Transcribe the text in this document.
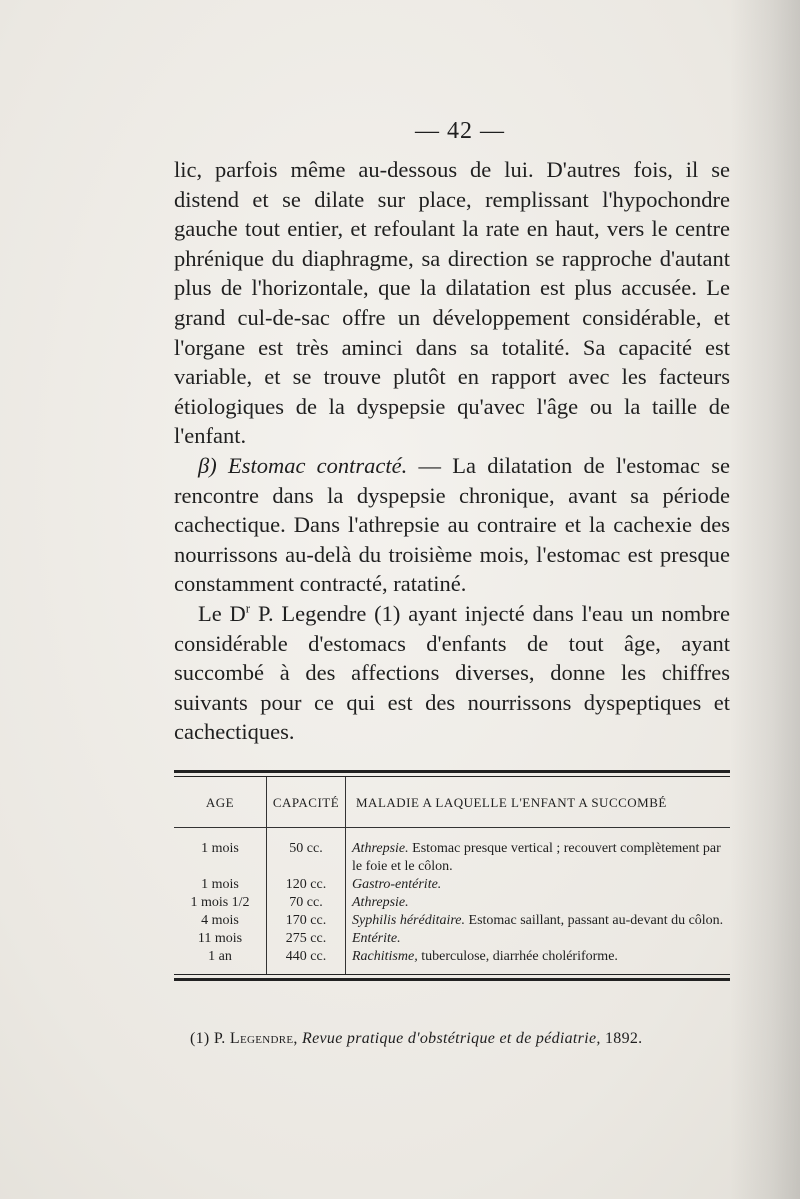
— 42 —

lic, parfois même au-dessous de lui. D'autres fois, il se distend et se dilate sur place, remplissant l'hypochondre gauche tout entier, et refoulant la rate en haut, vers le centre phrénique du diaphragme, sa direction se rapproche d'autant plus de l'horizontale, que la dilatation est plus accusée. Le grand cul-de-sac offre un développement considérable, et l'organe est très aminci dans sa totalité. Sa capacité est variable, et se trouve plutôt en rapport avec les facteurs étiologiques de la dyspepsie qu'avec l'âge ou la taille de l'enfant.

β) Estomac contracté. — La dilatation de l'estomac se rencontre dans la dyspepsie chronique, avant sa période cachectique. Dans l'athrepsie au contraire et la cachexie des nourrissons au-delà du troisième mois, l'estomac est presque constamment contracté, ratatiné.

Le $D^r$ P. Legendre (1) ayant injecté dans l'eau un nombre considérable d'estomacs d'enfants de tout âge, ayant succombé à des affections diverses, donne les chiffres suivants pour ce qui est des nourrissons dyspeptiques et cachectiques.

AGE	CAPACITÉ	MALADIE A LAQUELLE L'ENFANT A SUCCOMBÉ
1 mois	50 cc.	Athrepsie. Estomac presque vertical ; recouvert complètement par le foie et le côlon.
1 mois	120 cc.	Gastro-entérite.
1 mois 1/2	70 cc.	Athrepsie.
4 mois	170 cc.	Syphilis héréditaire. Estomac saillant, passant au-devant du côlon.
11 mois	275 cc.	Entérite.
1 an	440 cc.	Rachitisme, tuberculose, diarrhée cholériforme.
(1) P. Legendre, Revue pratique d'obstétrique et de pédiatrie, 1892.
